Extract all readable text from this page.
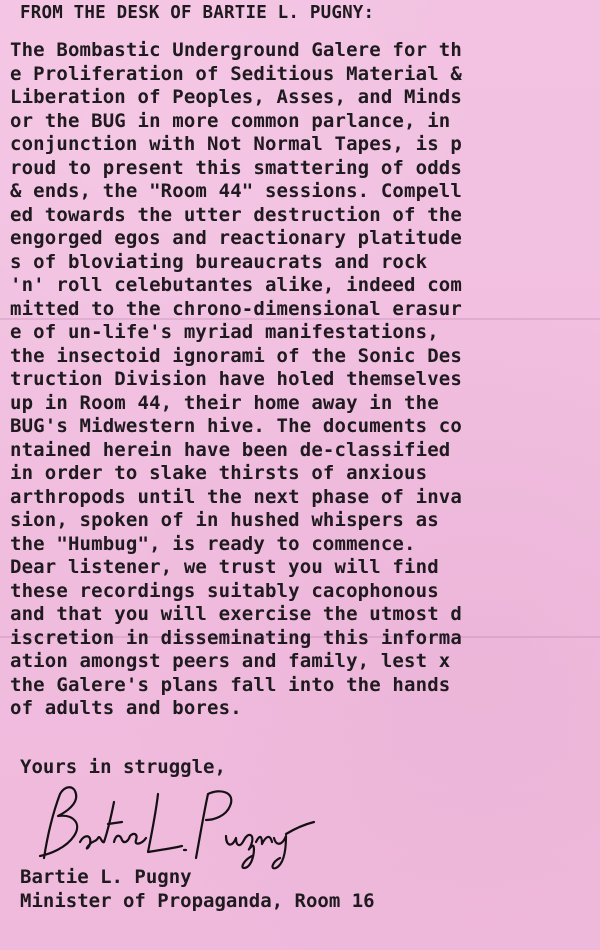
FROM THE DESK OF BARTIE L. PUGNY:
The Bombastic Underground Galere for th
e Proliferation of Seditious Material &
Liberation of Peoples, Asses, and Minds
or the BUG in more common parlance, in
conjunction with Not Normal Tapes, is p
roud to present this smattering of odds
& ends, the "Room 44" sessions. Compell
ed towards the utter destruction of the
engorged egos and reactionary platitude
s of bloviating bureaucrats and rock
'n' roll celebutantes alike, indeed com
mitted to the chrono-dimensional erasur
e of un-life's myriad manifestations,
the insectoid ignorami of the Sonic Des
truction Division have holed themselves
up in Room 44, their home away in the
BUG's Midwestern hive. The documents co
ntained herein have been de-classified
in order to slake thirsts of anxious
arthropods until the next phase of inva
sion, spoken of in hushed whispers as
the "Humbug", is ready to commence.
Dear listener, we trust you will find
these recordings suitably cacophonous
and that you will exercise the utmost d
iscretion in disseminating this informa
ation amongst peers and family, lest x
the Galere's plans fall into the hands
of adults and bores.
Yours in struggle,
Bartie L. Pugny
Minister of Propaganda, Room 16
